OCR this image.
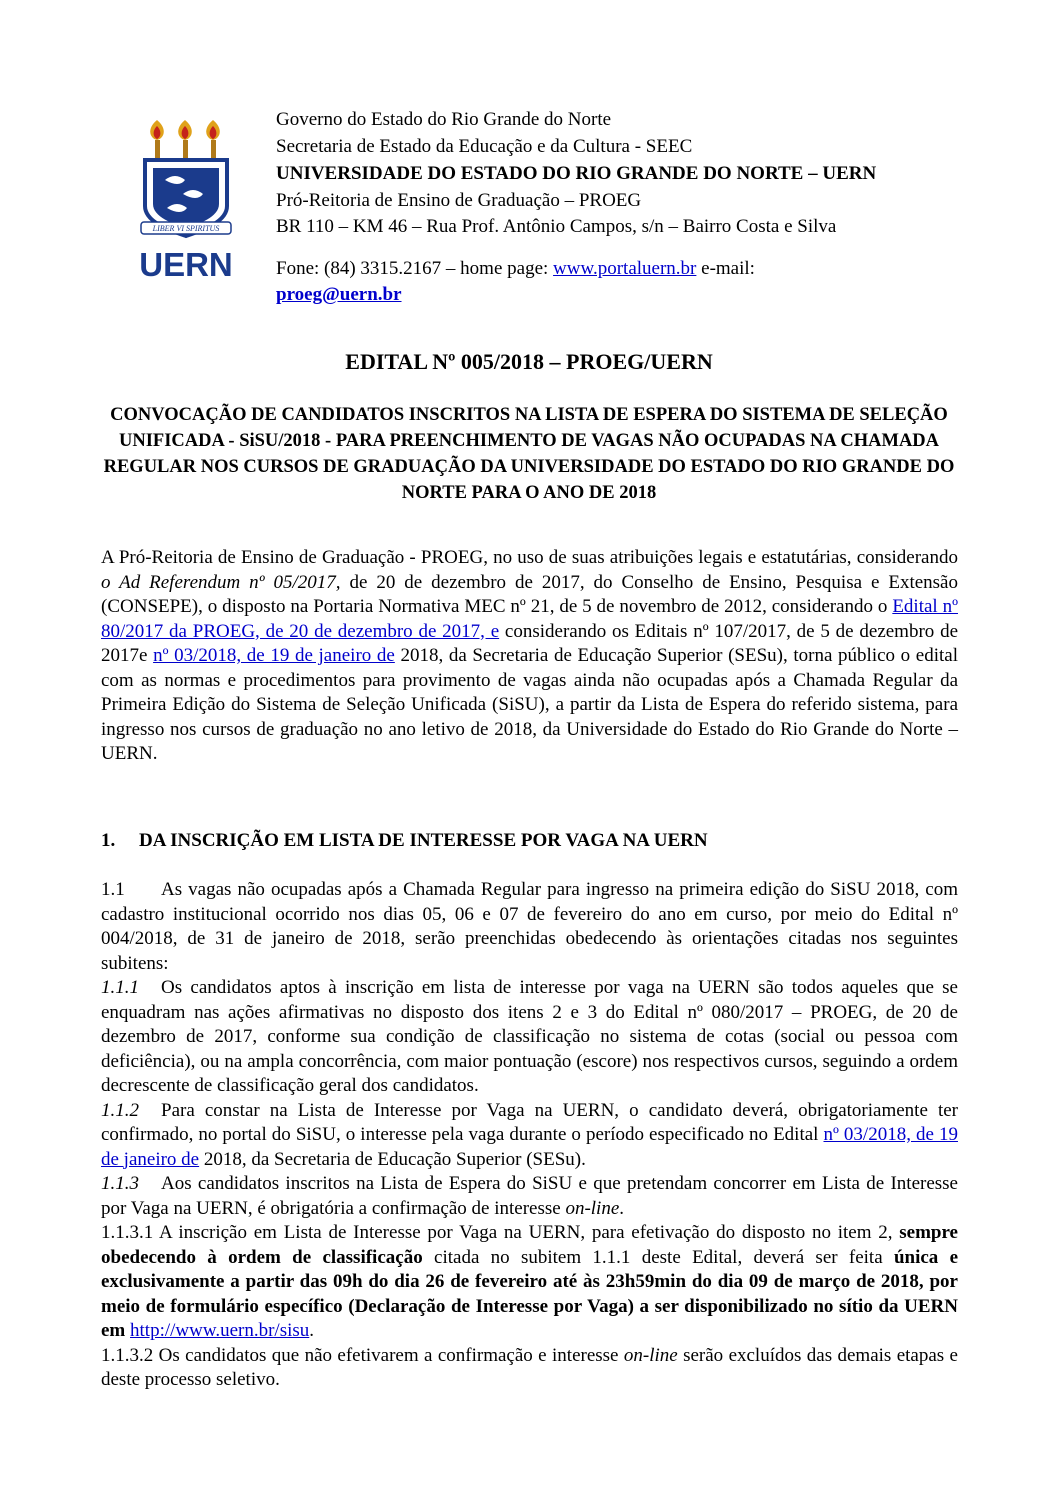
LIBER VI SPIRITUS
UERN
Governo do Estado do Rio Grande do Norte
Secretaria de Estado da Educação e da Cultura - SEEC
UNIVERSIDADE DO ESTADO DO RIO GRANDE DO NORTE – UERN
Pró-Reitoria de Ensino de Graduação – PROEG
BR 110 – KM 46 – Rua Prof. Antônio Campos, s/n – Bairro Costa e Silva
Fone: (84) 3315.2167 – home page: www.portaluern.br e-mail:
proeg@uern.br
EDITAL Nº 005/2018 – PROEG/UERN
CONVOCAÇÃO DE CANDIDATOS INSCRITOS NA LISTA DE ESPERA DO SISTEMA DE SELEÇÃO UNIFICADA - SiSU/2018 - PARA PREENCHIMENTO DE VAGAS NÃO OCUPADAS NA CHAMADA REGULAR NOS CURSOS DE GRADUAÇÃO DA UNIVERSIDADE DO ESTADO DO RIO GRANDE DO NORTE PARA O ANO DE 2018
A Pró-Reitoria de Ensino de Graduação - PROEG, no uso de suas atribuições legais e estatutárias, considerando o Ad Referendum nº 05/2017, de 20 de dezembro de 2017, do Conselho de Ensino, Pesquisa e Extensão (CONSEPE), o disposto na Portaria Normativa MEC nº 21, de 5 de novembro de 2012, considerando o Edital nº 80/2017 da PROEG, de 20 de dezembro de 2017, e considerando os Editais nº 107/2017, de 5 de dezembro de 2017e nº 03/2018, de 19 de janeiro de 2018, da Secretaria de Educação Superior (SESu), torna público o edital com as normas e procedimentos para provimento de vagas ainda não ocupadas após a Chamada Regular da Primeira Edição do Sistema de Seleção Unificada (SiSU), a partir da Lista de Espera do referido sistema, para ingresso nos cursos de graduação no ano letivo de 2018, da Universidade do Estado do Rio Grande do Norte – UERN.
1. DA INSCRIÇÃO EM LISTA DE INTERESSE POR VAGA NA UERN

1.1 As vagas não ocupadas após a Chamada Regular para ingresso na primeira edição do SiSU 2018, com cadastro institucional ocorrido nos dias 05, 06 e 07 de fevereiro do ano em curso, por meio do Edital nº 004/2018, de 31 de janeiro de 2018, serão preenchidas obedecendo às orientações citadas nos seguintes subitens:

1.1.1 Os candidatos aptos à inscrição em lista de interesse por vaga na UERN são todos aqueles que se enquadram nas ações afirmativas no disposto dos itens 2 e 3 do Edital nº 080/2017 – PROEG, de 20 de dezembro de 2017, conforme sua condição de classificação no sistema de cotas (social ou pessoa com deficiência), ou na ampla concorrência, com maior pontuação (escore) nos respectivos cursos, seguindo a ordem decrescente de classificação geral dos candidatos.

1.1.2 Para constar na Lista de Interesse por Vaga na UERN, o candidato deverá, obrigatoriamente ter confirmado, no portal do SiSU, o interesse pela vaga durante o período especificado no Edital nº 03/2018, de 19 de janeiro de 2018, da Secretaria de Educação Superior (SESu).

1.1.3 Aos candidatos inscritos na Lista de Espera do SiSU e que pretendam concorrer em Lista de Interesse por Vaga na UERN, é obrigatória a confirmação de interesse on-line.

1.1.3.1 A inscrição em Lista de Interesse por Vaga na UERN, para efetivação do disposto no item 2, sempre obedecendo à ordem de classificação citada no subitem 1.1.1 deste Edital, deverá ser feita única e exclusivamente a partir das 09h do dia 26 de fevereiro até às 23h59min do dia 09 de março de 2018, por meio de formulário específico (Declaração de Interesse por Vaga) a ser disponibilizado no sítio da UERN em http://www.uern.br/sisu.

1.1.3.2 Os candidatos que não efetivarem a confirmação e interesse on-line serão excluídos das demais etapas e deste processo seletivo.
